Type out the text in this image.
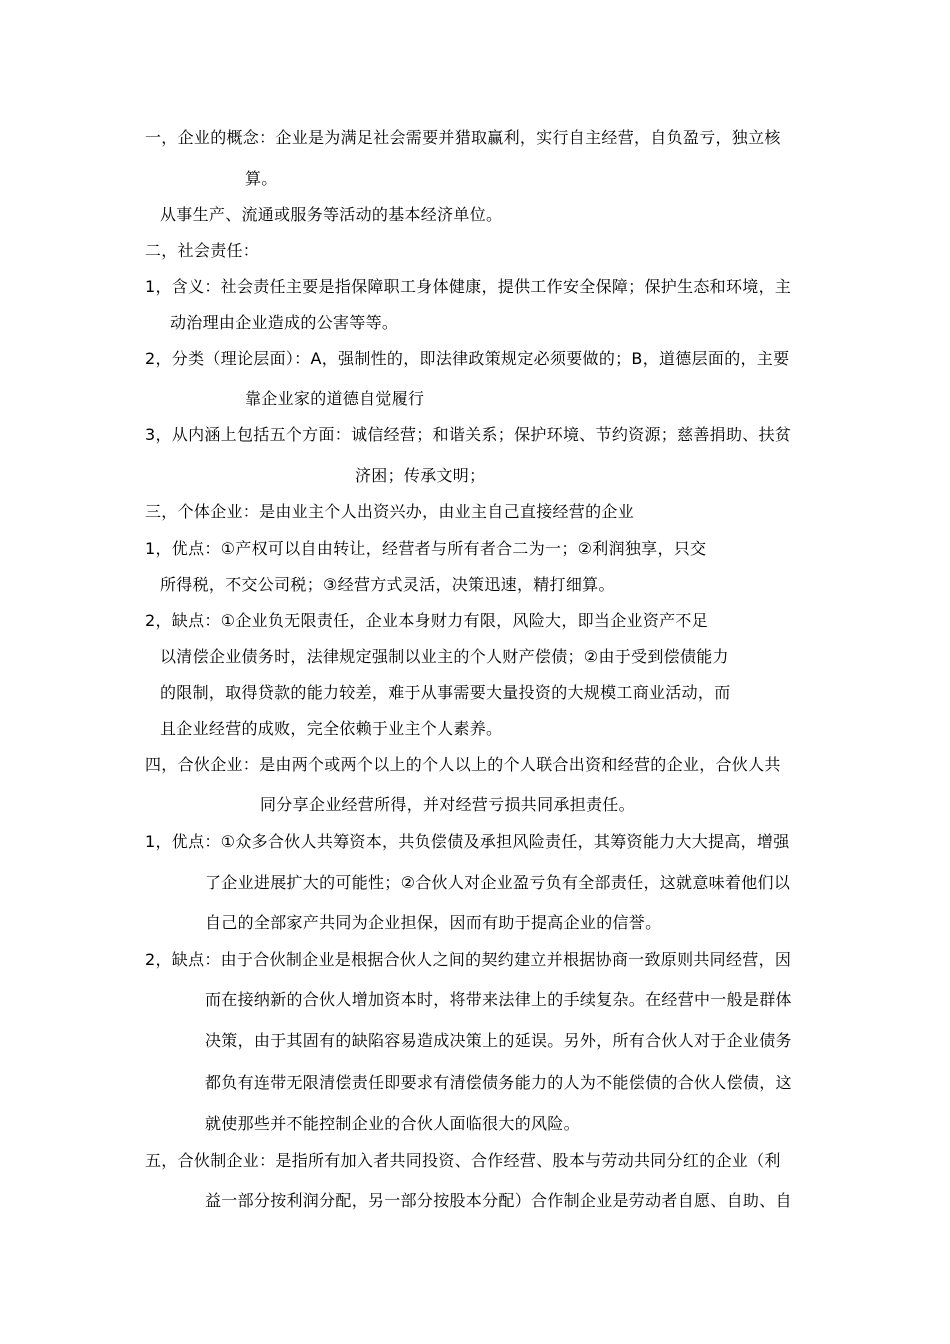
一，企业的概念：企业是为满足社会需要并猎取赢利，实行自主经营，自负盈亏，独立核
算。
从事生产、流通或服务等活动的基本经济单位。
二，社会责任：
1，含义：社会责任主要是指保障职工身体健康，提供工作安全保障；保护生态和环境，主
动治理由企业造成的公害等等。
2，分类（理论层面）：A，强制性的，即法律政策规定必须要做的；B，道德层面的，主要
靠企业家的道德自觉履行
3，从内涵上包括五个方面：诚信经营；和谐关系；保护环境、节约资源；慈善捐助、扶贫
济困；传承文明；
三，个体企业：是由业主个人出资兴办，由业主自己直接经营的企业
1，优点：①产权可以自由转让，经营者与所有者合二为一；②利润独享，只交
所得税，不交公司税；③经营方式灵活，决策迅速，精打细算。
2，缺点：①企业负无限责任，企业本身财力有限，风险大，即当企业资产不足
以清偿企业债务时，法律规定强制以业主的个人财产偿债；②由于受到偿债能力
的限制，取得贷款的能力较差，难于从事需要大量投资的大规模工商业活动，而
且企业经营的成败，完全依赖于业主个人素养。
四，合伙企业：是由两个或两个以上的个人以上的个人联合出资和经营的企业，合伙人共
同分享企业经营所得，并对经营亏损共同承担责任。
1，优点：①众多合伙人共筹资本，共负偿债及承担风险责任，其筹资能力大大提高，增强
了企业进展扩大的可能性；②合伙人对企业盈亏负有全部责任，这就意味着他们以
自己的全部家产共同为企业担保，因而有助于提高企业的信誉。
2，缺点：由于合伙制企业是根据合伙人之间的契约建立并根据协商一致原则共同经营，因
而在接纳新的合伙人增加资本时，将带来法律上的手续复杂。在经营中一般是群体
决策，由于其固有的缺陷容易造成决策上的延误。另外，所有合伙人对于企业债务
都负有连带无限清偿责任即要求有清偿债务能力的人为不能偿债的合伙人偿债，这
就使那些并不能控制企业的合伙人面临很大的风险。
五，合伙制企业：是指所有加入者共同投资、合作经营、股本与劳动共同分红的企业（利
益一部分按利润分配，另一部分按股本分配）合作制企业是劳动者自愿、自助、自
